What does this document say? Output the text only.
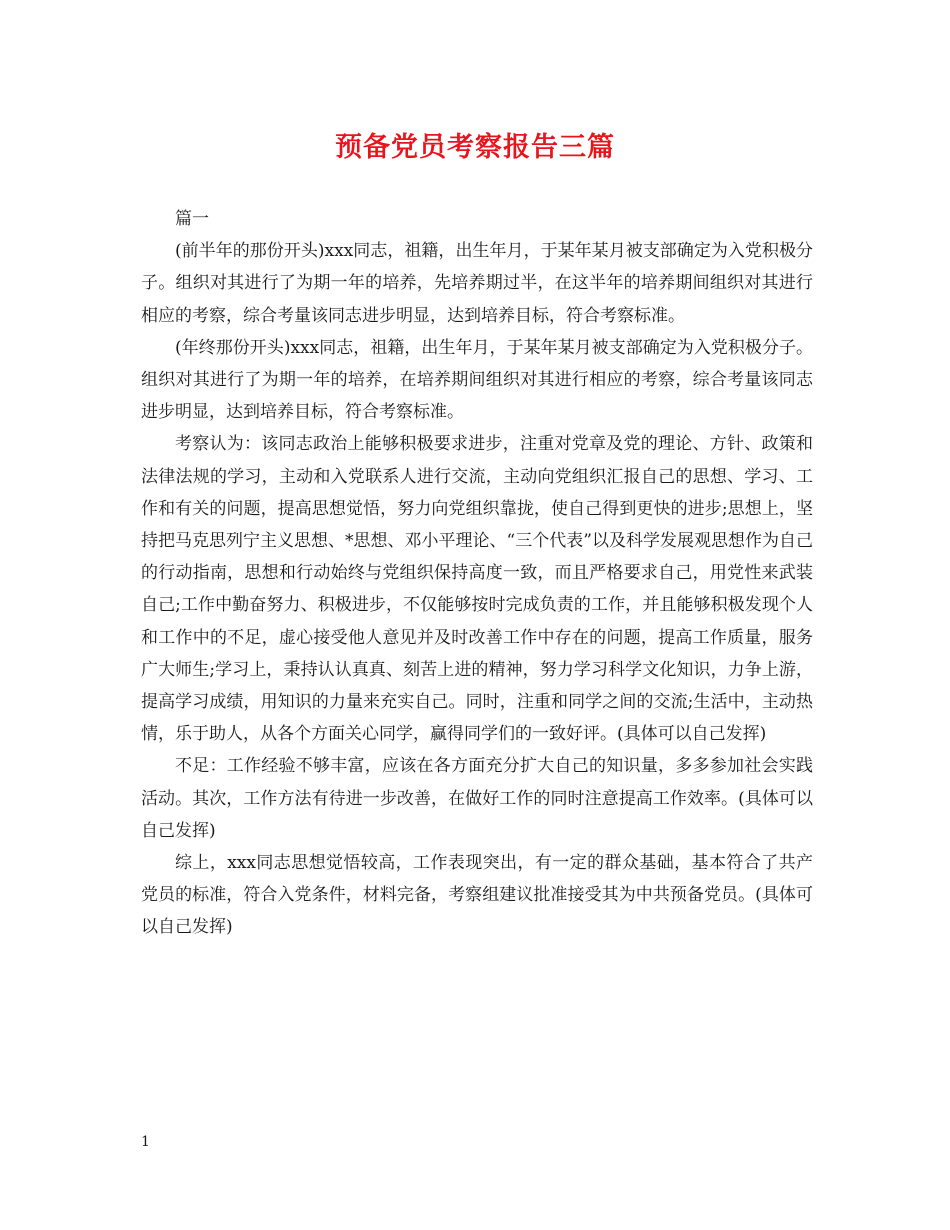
预备党员考察报告三篇

篇一

(前半年的那份开头)xxx同志，祖籍，出生年月，于某年某月被支部确定为入党积极分子。组织对其进行了为期一年的培养，先培养期过半，在这半年的培养期间组织对其进行相应的考察，综合考量该同志进步明显，达到培养目标，符合考察标准。

(年终那份开头)xxx同志，祖籍，出生年月，于某年某月被支部确定为入党积极分子。组织对其进行了为期一年的培养，在培养期间组织对其进行相应的考察，综合考量该同志进步明显，达到培养目标，符合考察标准。

考察认为：该同志政治上能够积极要求进步，注重对党章及党的理论、方针、政策和法律法规的学习，主动和入党联系人进行交流，主动向党组织汇报自己的思想、学习、工作和有关的问题，提高思想觉悟，努力向党组织靠拢，使自己得到更快的进步;思想上，坚持把马克思列宁主义思想、*思想、邓小平理论、“三个代表”以及科学发展观思想作为自己的行动指南，思想和行动始终与党组织保持高度一致，而且严格要求自己，用党性来武装自己;工作中勤奋努力、积极进步，不仅能够按时完成负责的工作，并且能够积极发现个人和工作中的不足，虚心接受他人意见并及时改善工作中存在的问题，提高工作质量，服务广大师生;学习上，秉持认认真真、刻苦上进的精神，努力学习科学文化知识，力争上游，提高学习成绩，用知识的力量来充实自己。同时，注重和同学之间的交流;生活中，主动热情，乐于助人，从各个方面关心同学，赢得同学们的一致好评。(具体可以自己发挥)

不足：工作经验不够丰富，应该在各方面充分扩大自己的知识量，多多参加社会实践活动。其次，工作方法有待进一步改善，在做好工作的同时注意提高工作效率。(具体可以自己发挥)

综上，xxx同志思想觉悟较高，工作表现突出，有一定的群众基础，基本符合了共产党员的标准，符合入党条件，材料完备，考察组建议批准接受其为中共预备党员。(具体可以自己发挥)

1
